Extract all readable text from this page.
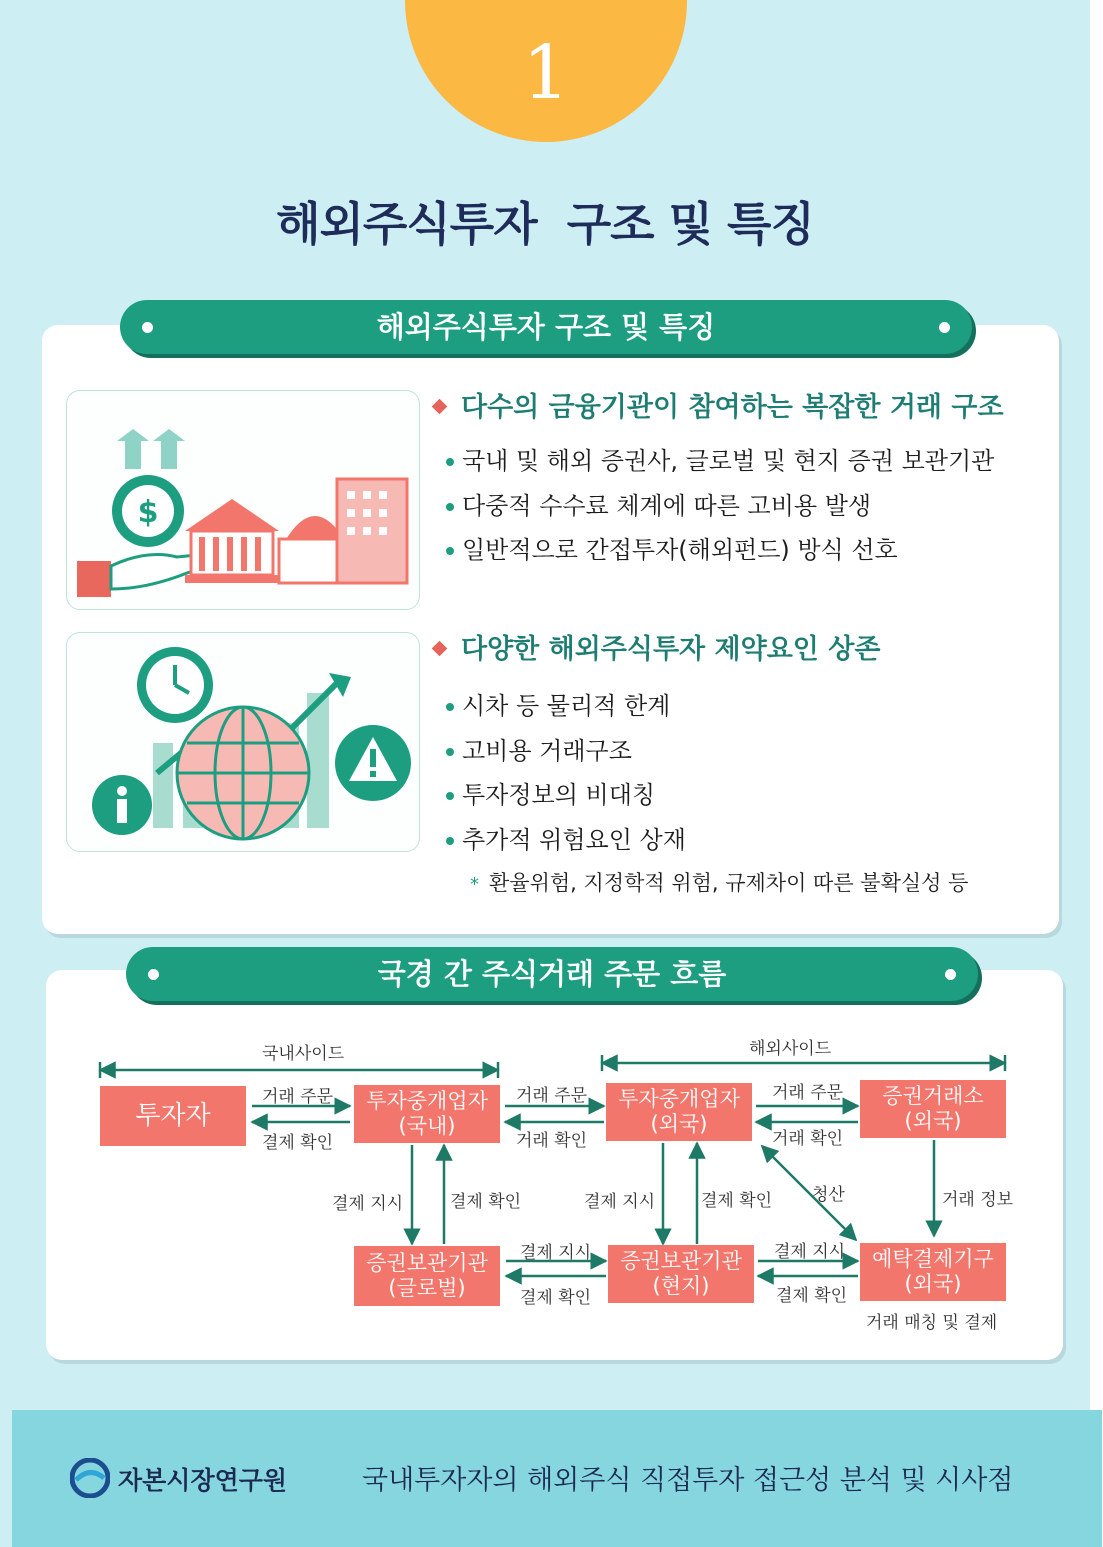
1
해외주식투자  구조 및 특징
해외주식투자 구조 및 특징
$
다수의 금융기관이 참여하는 복잡한 거래 구조
국내 및 해외 증권사, 글로벌 및 현지 증권 보관기관
다중적 수수료 체계에 따른 고비용 발생
일반적으로 간접투자(해외펀드) 방식 선호
다양한 해외주식투자 제약요인 상존
시차 등 물리적 한계
고비용 거래구조
투자정보의 비대칭
추가적 위험요인 상재
* 환율위험, 지정학적 위험, 규제차이 따른 불확실성 등
국경 간 주식거래 주문 흐름
국내사이드	해외사이드
투자자	투자중개업자
(국내)
투자중개업자
(외국)
증권거래소
(외국)
증권보관기관
(글로벌)
증권보관기관
(현지)
예탁결제기구
(외국)
거래 주문
결제 확인
거래 주문
거래 확인
거래 주문
거래 확인
결제 지시	결제 확인	결제 지시	결제 확인 청산	거래 정보
결제 지시
결제 확인
결제 지시
결제 확인
거래 매칭 및 결제
자본시장연구원	국내투자자의 해외주식 직접투자 접근성 분석 및 시사점
